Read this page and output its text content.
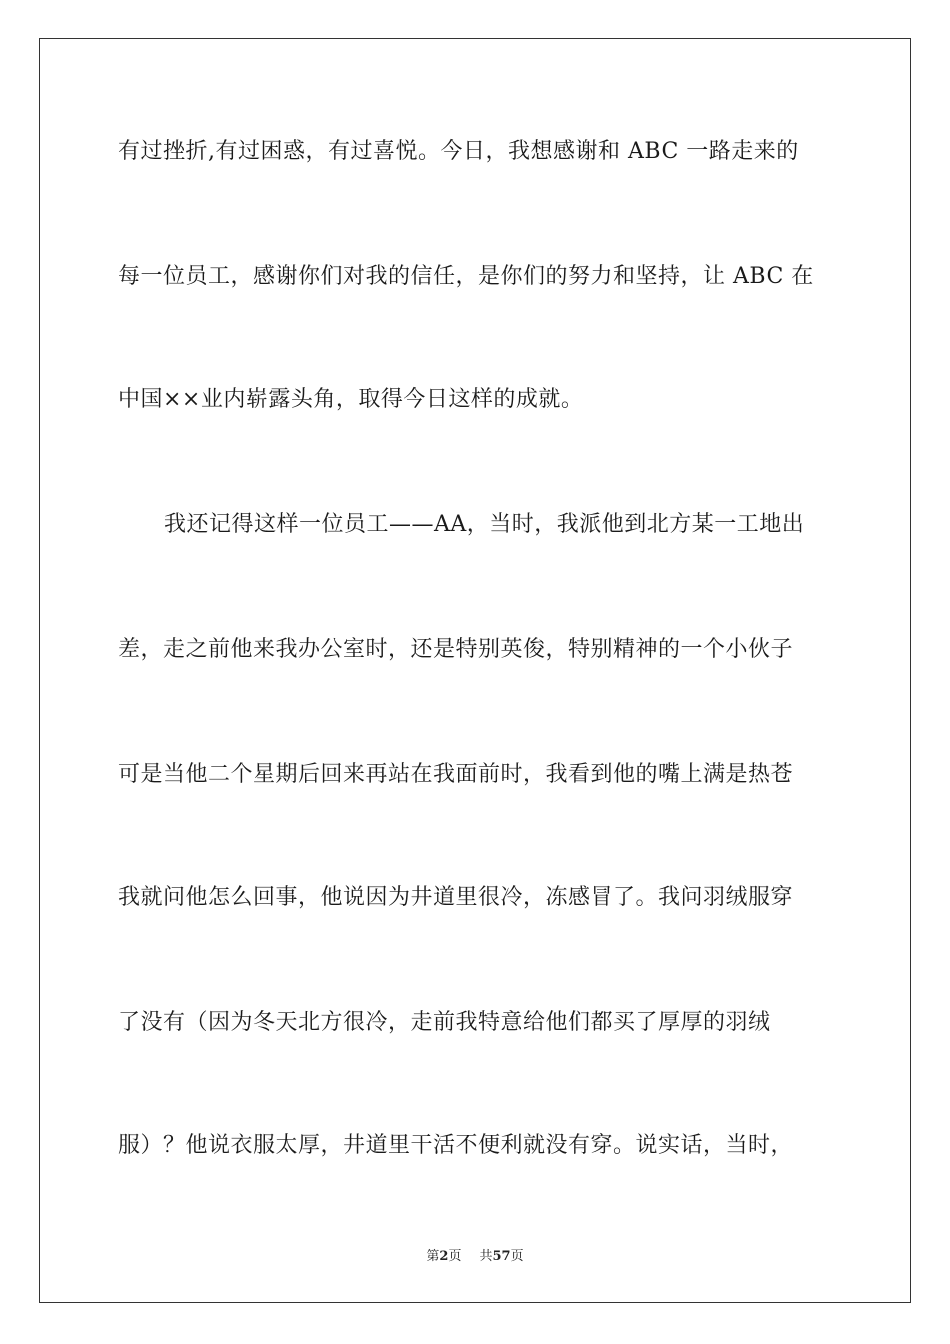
有过挫折,有过困惑，有过喜悦。今日，我想感谢和 ABC 一路走来的
每一位员工，感谢你们对我的信任，是你们的努力和坚持，让 ABC 在
中国××业内崭露头角，取得今日这样的成就。
我还记得这样一位员工——AA，当时，我派他到北方某一工地出
差，走之前他来我办公室时，还是特别英俊，特别精神的一个小伙子
可是当他二个星期后回来再站在我面前时，我看到他的嘴上满是热苍
我就问他怎么回事，他说因为井道里很冷，冻感冒了。我问羽绒服穿
了没有（因为冬天北方很冷，走前我特意给他们都买了厚厚的羽绒
服）？他说衣服太厚，井道里干活不便利就没有穿。说实话，当时，
第2页 共57页
